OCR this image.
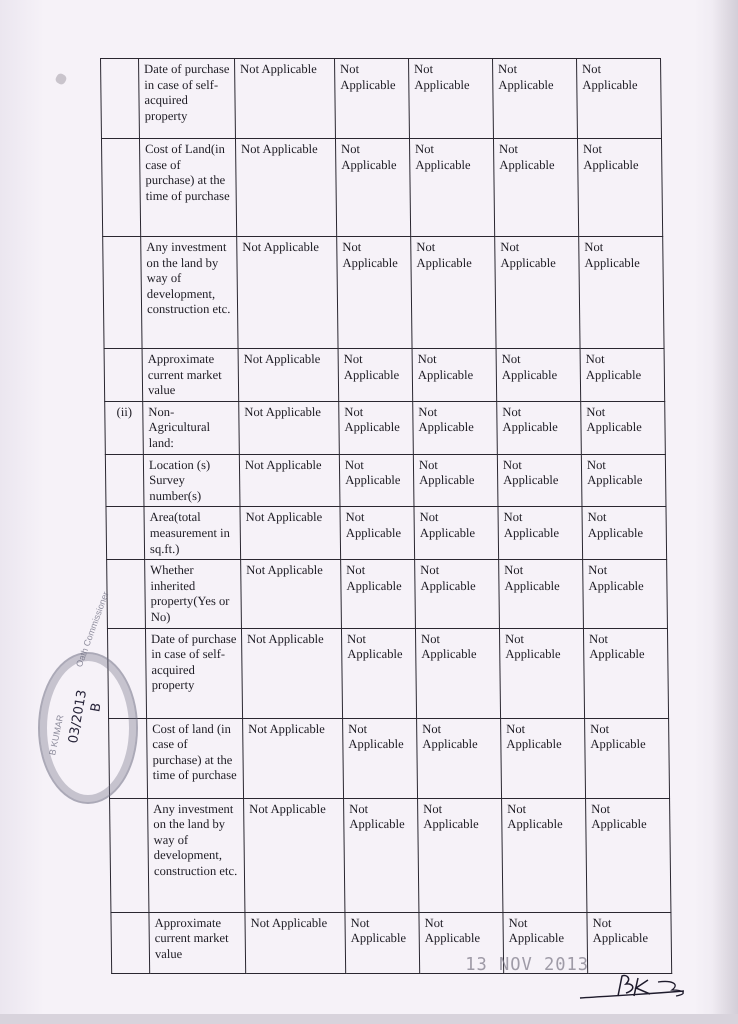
	Date of purchase in case of self-acquired property	Not Applicable	Not Applicable	Not Applicable	Not Applicable	Not Applicable
	Cost of Land(in case of purchase) at the time of purchase	Not Applicable	Not Applicable	Not Applicable	Not Applicable	Not Applicable
	Any investment on the land by way of development, construction etc.	Not Applicable	Not Applicable	Not Applicable	Not Applicable	Not Applicable
	Approximate current market value	Not Applicable	Not Applicable	Not Applicable	Not Applicable	Not Applicable
(ii)	Non-Agricultural land:	Not Applicable	Not Applicable	Not Applicable	Not Applicable	Not Applicable
	Location (s) Survey number(s)	Not Applicable	Not Applicable	Not Applicable	Not Applicable	Not Applicable
	Area(total measurement in sq.ft.)	Not Applicable	Not Applicable	Not Applicable	Not Applicable	Not Applicable
	Whether inherited property(Yes or No)	Not Applicable	Not Applicable	Not Applicable	Not Applicable	Not Applicable
	Date of purchase in case of self-acquired property	Not Applicable	Not Applicable	Not Applicable	Not Applicable	Not Applicable
	Cost of land (in case of purchase) at the time of purchase	Not Applicable	Not Applicable	Not Applicable	Not Applicable	Not Applicable
	Any investment on the land by way of development, construction etc.	Not Applicable	Not Applicable	Not Applicable	Not Applicable	Not Applicable
	Approximate current market value	Not Applicable	Not Applicable	Not Applicable	Not Applicable	Not Applicable
Oath Commissioner
B KUMAR 03/2013
B
13 NOV 2013
